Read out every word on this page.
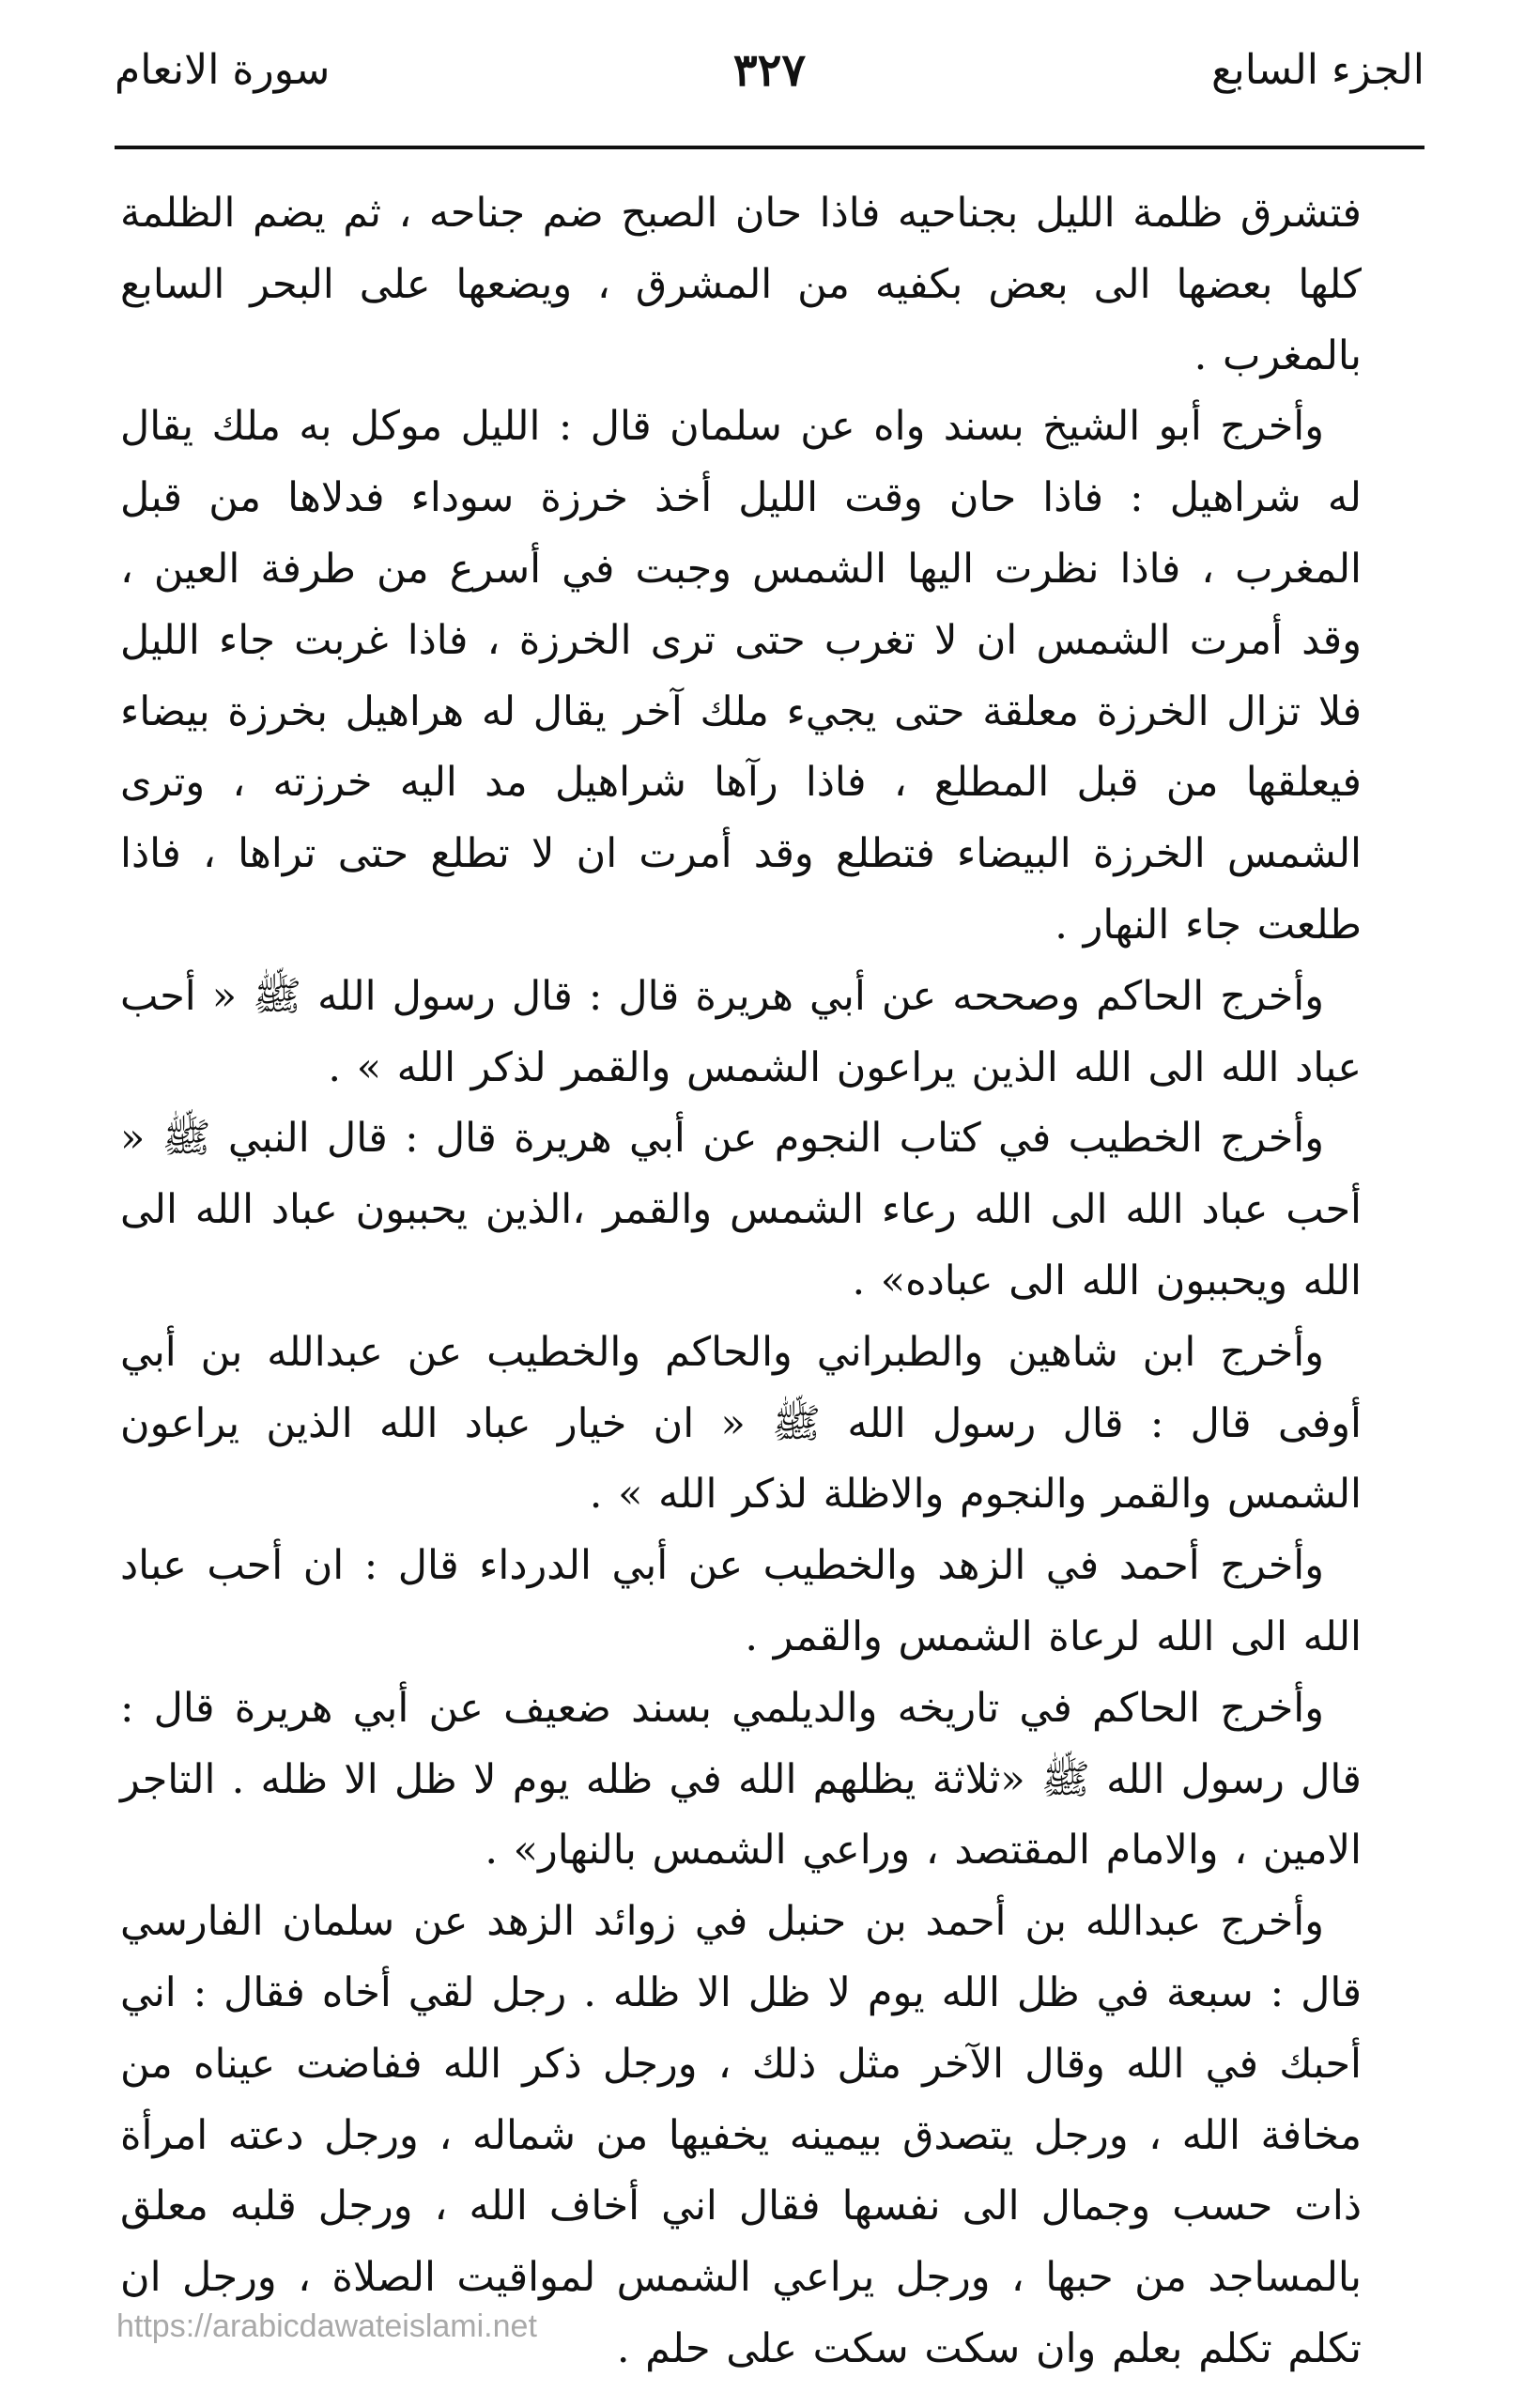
الجزء السابع
٣٢٧
سورة الانعام

فتشرق ظلمة الليل بجناحيه فاذا حان الصبح ضم جناحه ، ثم يضم الظلمة كلها بعضها الى بعض بكفيه من المشرق ، ويضعها على البحر السابع بالمغرب .

وأخرج أبو الشيخ بسند واه عن سلمان قال : الليل موكل به ملك يقال له شراهيل : فاذا حان وقت الليل أخذ خرزة سوداء فدلاها من قبل المغرب ، فاذا نظرت اليها الشمس وجبت في أسرع من طرفة العين ، وقد أمرت الشمس ان لا تغرب حتى ترى الخرزة ، فاذا غربت جاء الليل فلا تزال الخرزة معلقة حتى يجيء ملك آخر يقال له هراهيل بخرزة بيضاء فيعلقها من قبل المطلع ، فاذا رآها شراهيل مد اليه خرزته ، وترى الشمس الخرزة البيضاء فتطلع وقد أمرت ان لا تطلع حتى تراها ، فاذا طلعت جاء النهار .

وأخرج الحاكم وصححه عن أبي هريرة قال : قال رسول الله ﷺ « أحب عباد الله الى الله الذين يراعون الشمس والقمر لذكر الله » .

وأخرج الخطيب في كتاب النجوم عن أبي هريرة قال : قال النبي ﷺ « أحب عباد الله الى الله رعاء الشمس والقمر ،الذين يحببون عباد الله الى الله ويحببون الله الى عباده» .

وأخرج ابن شاهين والطبراني والحاكم والخطيب عن عبدالله بن أبي أوفى قال : قال رسول الله ﷺ « ان خيار عباد الله الذين يراعون الشمس والقمر والنجوم والاظلة لذكر الله » .

وأخرج أحمد في الزهد والخطيب عن أبي الدرداء قال : ان أحب عباد الله الى الله لرعاة الشمس والقمر .

وأخرج الحاكم في تاريخه والديلمي بسند ضعيف عن أبي هريرة قال : قال رسول الله ﷺ «ثلاثة يظلهم الله في ظله يوم لا ظل الا ظله . التاجر الامين ، والامام المقتصد ، وراعي الشمس بالنهار» .

وأخرج عبدالله بن أحمد بن حنبل في زوائد الزهد عن سلمان الفارسي قال : سبعة في ظل الله يوم لا ظل الا ظله . رجل لقي أخاه فقال : اني أحبك في الله وقال الآخر مثل ذلك ، ورجل ذكر الله ففاضت عيناه من مخافة الله ، ورجل يتصدق بيمينه يخفيها من شماله ، ورجل دعته امرأة ذات حسب وجمال الى نفسها فقال اني أخاف الله ، ورجل قلبه معلق بالمساجد من حبها ، ورجل يراعي الشمس لمواقيت الصلاة ، ورجل ان تكلم تكلم بعلم وان سكت سكت على حلم .

https://arabicdawateislami.net
